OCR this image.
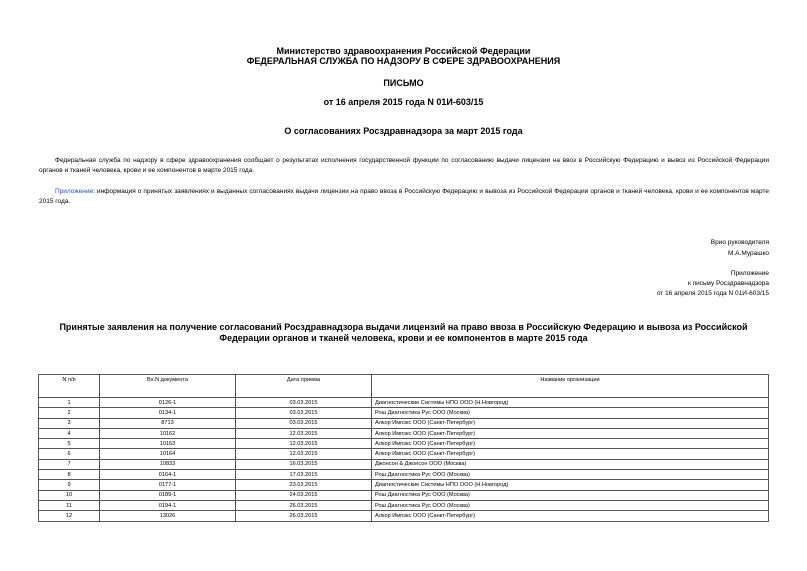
Министерство здравоохранения Российской Федерации
ФЕДЕРАЛЬНАЯ СЛУЖБА ПО НАДЗОРУ В СФЕРЕ ЗДРАВООХРАНЕНИЯ
ПИСЬМО
от 16 апреля 2015 года N 01И-603/15
О согласованиях Росздравнадзора за март 2015 года
Федеральная служба по надзору в сфере здравоохранения сообщает о результатах исполнения государственной функции по согласованию выдачи лицензии на ввоз в Российскую Федерацию и вывоз из Российской Федерации органов и тканей человека, крови и ее компонентов в марте 2015 года.
Приложение: информация о принятых заявлениях и выданных согласованиях выдачи лицензии на право ввоза в Российскую Федерацию и вывоза из Российской Федерации органов и тканей человека, крови и ее компонентов марте 2015 года.
Врио руководителя
М.А.Мурашко
Приложение
к письму Росздравнадзора
от 16 апреля 2015 года N 01И-603/15
Принятые заявления на получение согласований Росздравнадзора выдачи лицензий на право ввоза в Российскую Федерацию и вывоза из Российской Федерации органов и тканей человека, крови и ее компонентов в марте 2015 года
N п/п	Вх.N документа	Дата приема	Название организации
1	0126-1	03.03.2015	Диагностические Системы НПО ООО (Н.Новгород)
2	0134-1	03.03.2015	Рош Диагностика Рус ООО (Москва)
3	8713	03.03.2015	Алкор Импэкс ООО (Санкт-Петербург)
4	10162	12.03.2015	Алкор Импэкс ООО (Санкт-Петербург)
5	10163	12.03.2015	Алкор Импэкс ООО (Санкт-Петербург)
6	10164	12.03.2015	Алкор Импэкс ООО (Санкт-Петербург)
7	10833	16.03.2015	Джонсон & Джонсон ООО (Москва)
8	0164-1	17.03.2015	Рош Диагностика Рус ООО (Москва)
9	0177-1	23.03.2015	Диагностические Системы НПО ООО (Н.Новгород)
10	0189-1	24.03.2015	Рош Диагностика Рус ООО (Москва)
11	0194-1	26.03.2015	Рош Диагностика Рус ООО (Москва)
12	13026	26.03.2015	Алкор Импэкс ООО (Санкт-Петербург)
